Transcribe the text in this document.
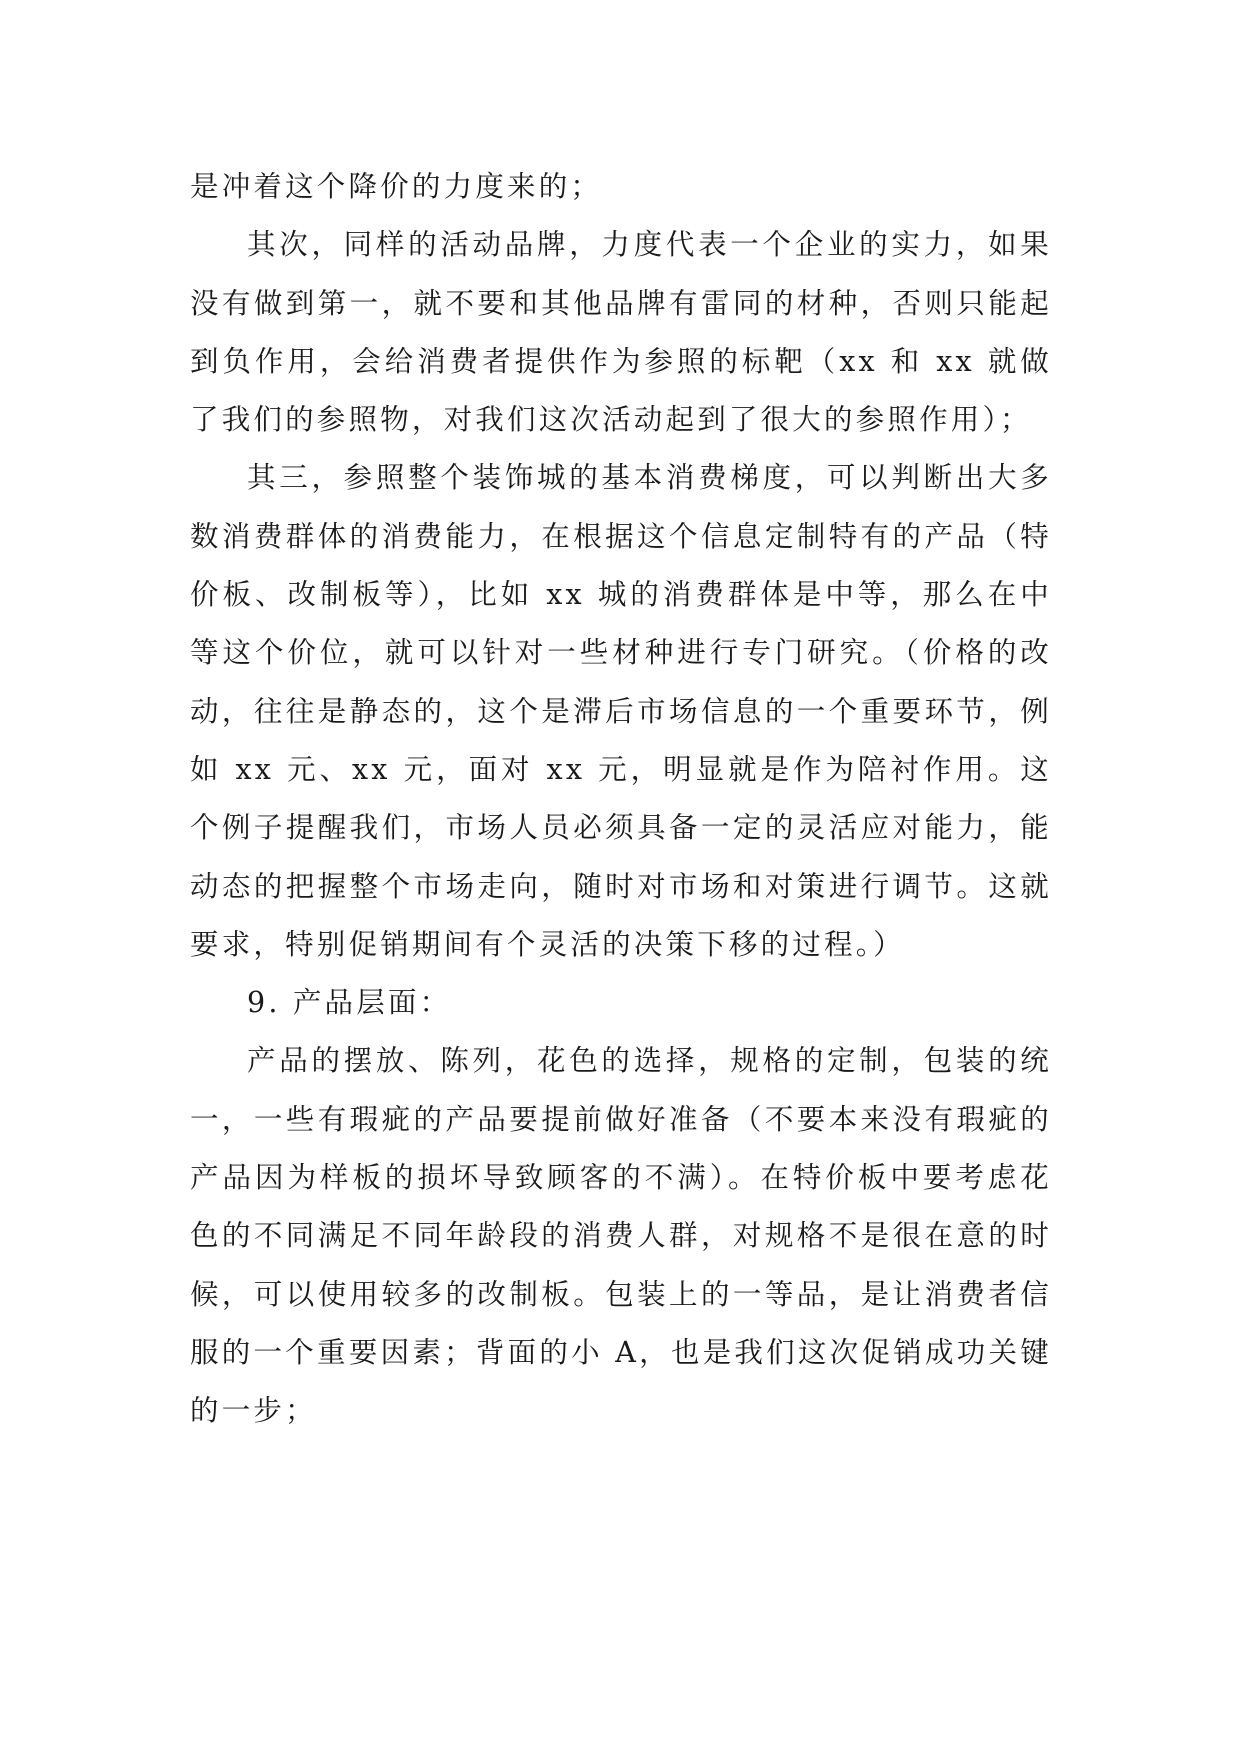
是冲着这个降价的力度来的；

其次，同样的活动品牌，力度代表一个企业的实力，如果没有做到第一，就不要和其他品牌有雷同的材种，否则只能起到负作用，会给消费者提供作为参照的标靶（xx 和 xx 就做了我们的参照物，对我们这次活动起到了很大的参照作用）；

其三，参照整个装饰城的基本消费梯度，可以判断出大多数消费群体的消费能力，在根据这个信息定制特有的产品（特价板、改制板等），比如 xx 城的消费群体是中等，那么在中等这个价位，就可以针对一些材种进行专门研究。（价格的改动，往往是静态的，这个是滞后市场信息的一个重要环节，例如 xx 元、xx 元，面对 xx 元，明显就是作为陪衬作用。这个例子提醒我们，市场人员必须具备一定的灵活应对能力，能动态的把握整个市场走向，随时对市场和对策进行调节。这就要求，特别促销期间有个灵活的决策下移的过程。）

9. 产品层面：

产品的摆放、陈列，花色的选择，规格的定制，包装的统一，一些有瑕疵的产品要提前做好准备（不要本来没有瑕疵的产品因为样板的损坏导致顾客的不满）。在特价板中要考虑花色的不同满足不同年龄段的消费人群，对规格不是很在意的时候，可以使用较多的改制板。包装上的一等品，是让消费者信服的一个重要因素；背面的小 A，也是我们这次促销成功关键的一步；
